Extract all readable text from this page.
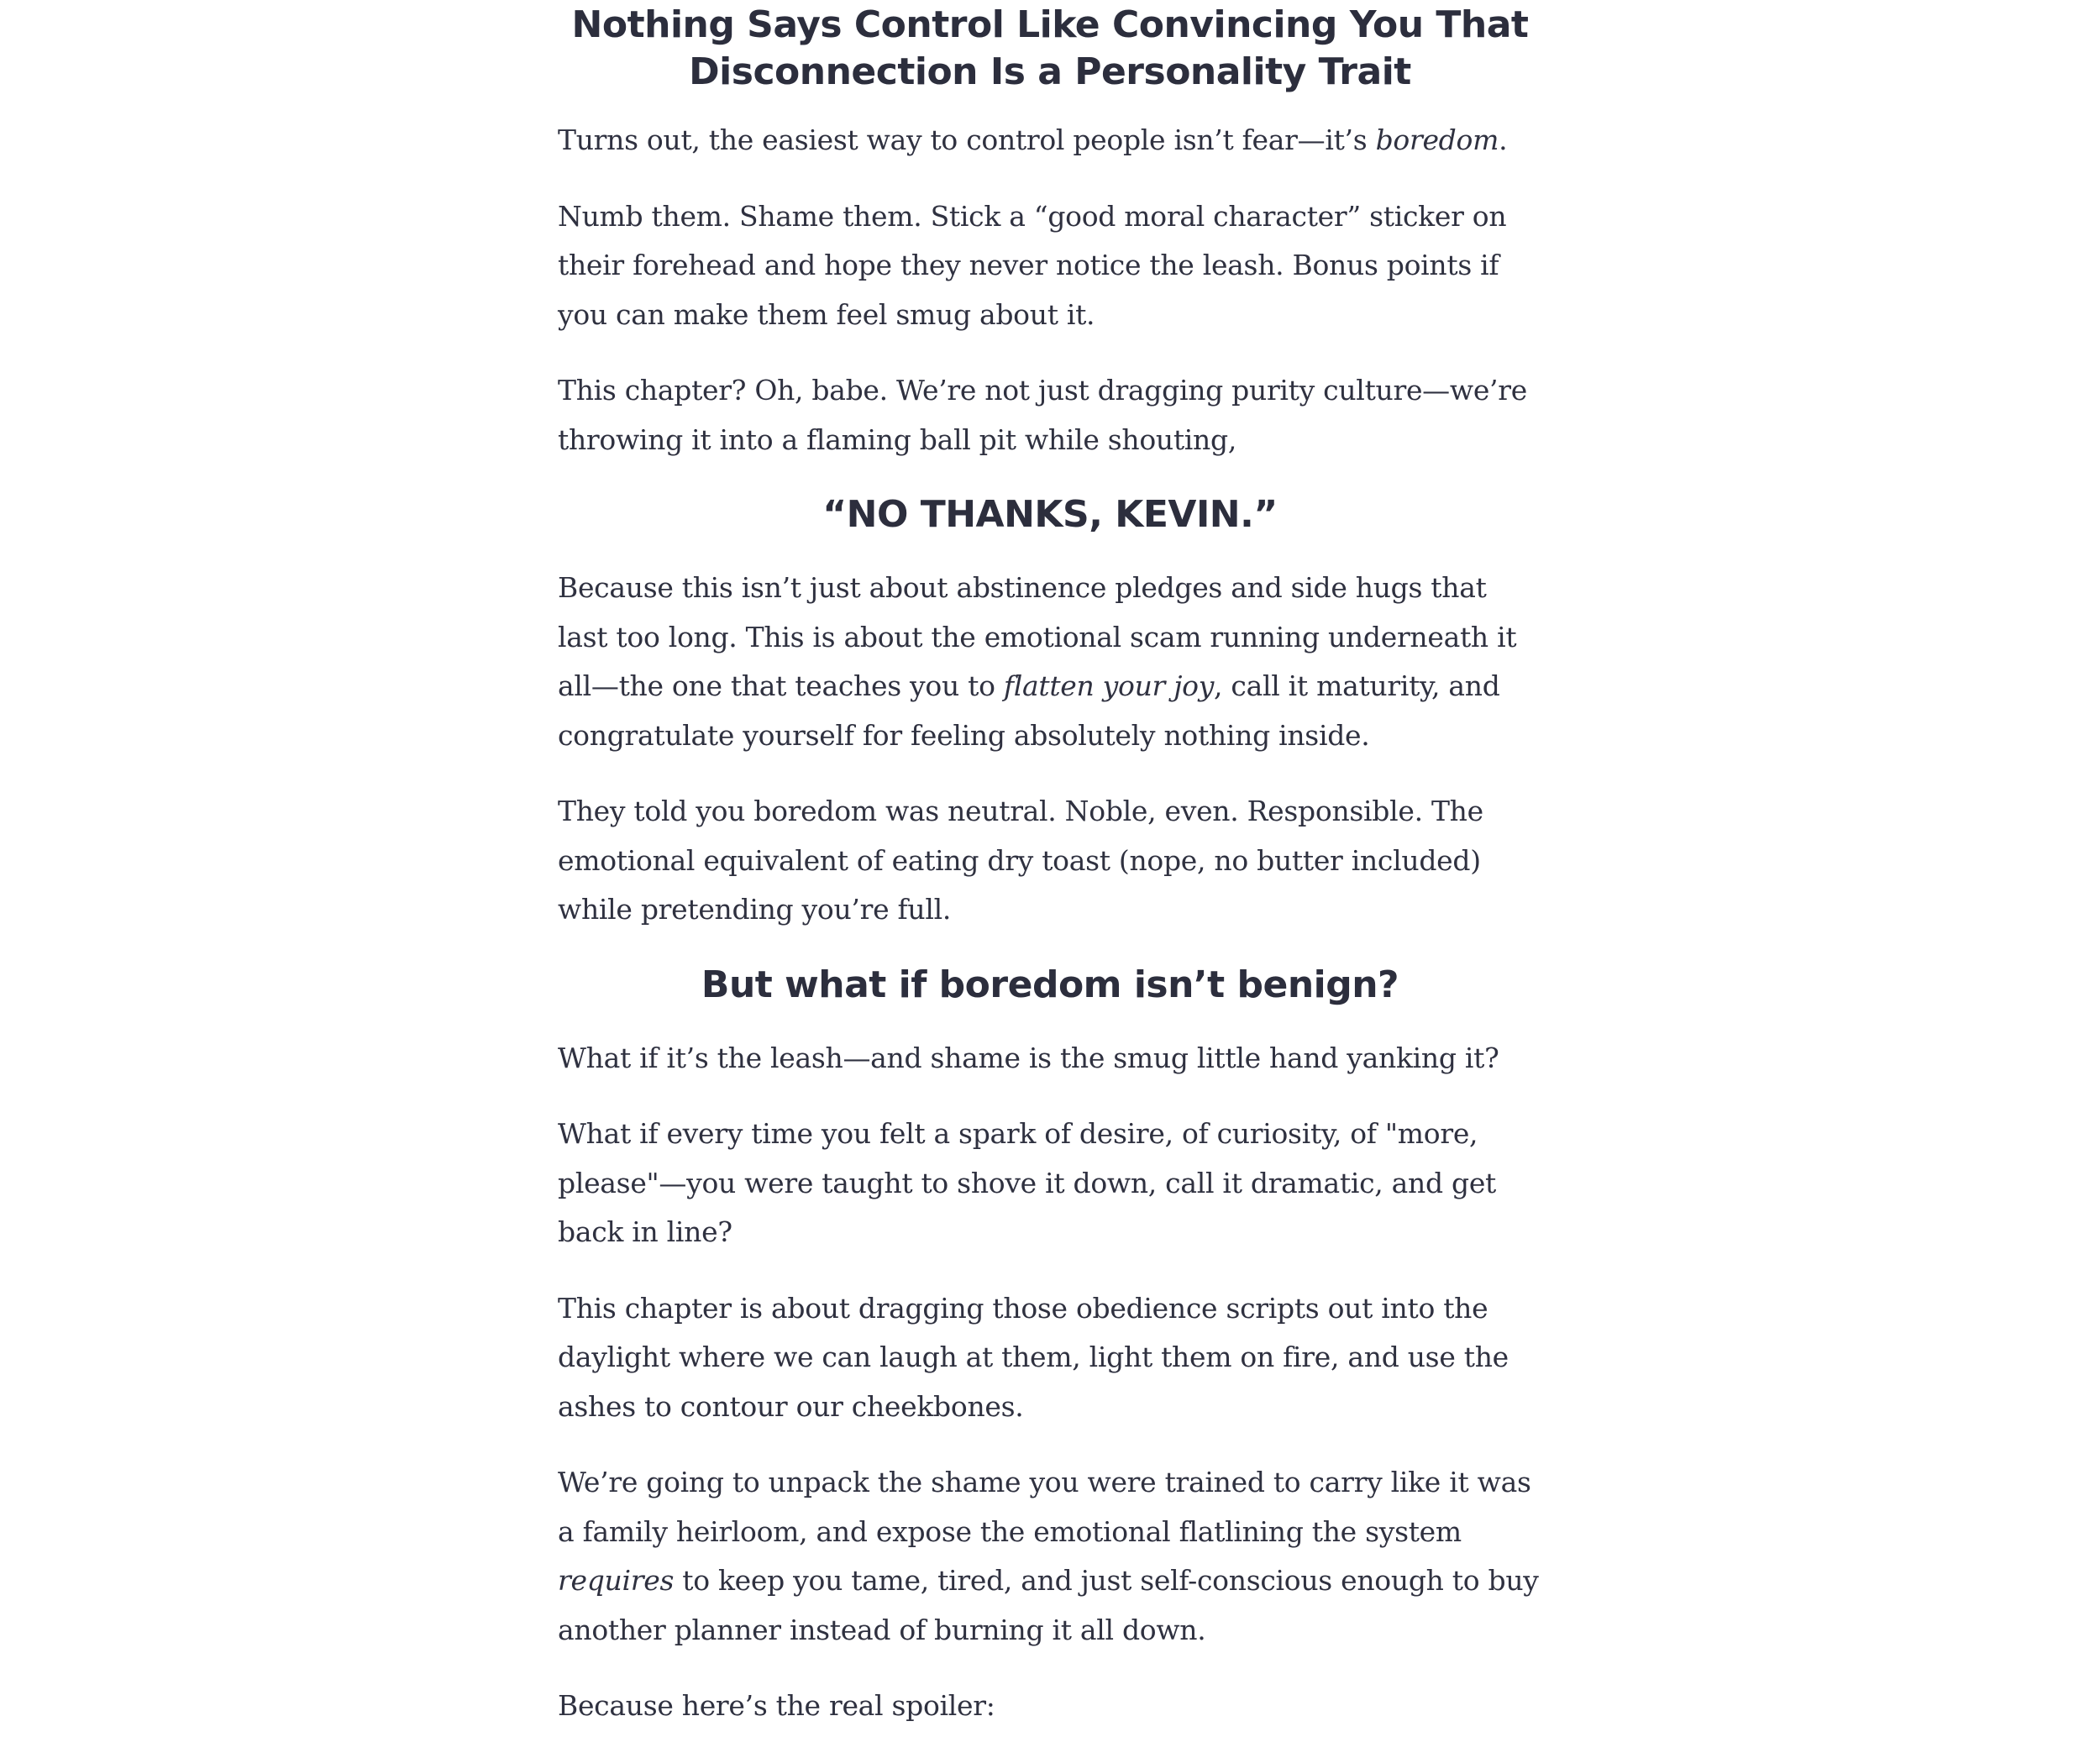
Nothing Says Control Like Convincing You That
Disconnection Is a Personality Trait

Turns out, the easiest way to control people isn’t fear—it’s boredom.

Numb them. Shame them. Stick a “good moral character” sticker on their forehead and hope they never notice the leash. Bonus points if you can make them feel smug about it.

This chapter? Oh, babe. We’re not just dragging purity culture—we’re throwing it into a flaming ball pit while shouting,

“NO THANKS, KEVIN.”

Because this isn’t just about abstinence pledges and side hugs that last too long. This is about the emotional scam running underneath it all—the one that teaches you to flatten your joy, call it maturity, and congratulate yourself for feeling absolutely nothing inside.

They told you boredom was neutral. Noble, even. Responsible. The emotional equivalent of eating dry toast (nope, no butter included) while pretending you’re full.

But what if boredom isn’t benign?

What if it’s the leash—and shame is the smug little hand yanking it?

What if every time you felt a spark of desire, of curiosity, of "more, please"—you were taught to shove it down, call it dramatic, and get back in line?

This chapter is about dragging those obedience scripts out into the daylight where we can laugh at them, light them on fire, and use the ashes to contour our cheekbones.

We’re going to unpack the shame you were trained to carry like it was a family heirloom, and expose the emotional flatlining the system requires to keep you tame, tired, and just self-conscious enough to buy another planner instead of burning it all down.

Because here’s the real spoiler:
